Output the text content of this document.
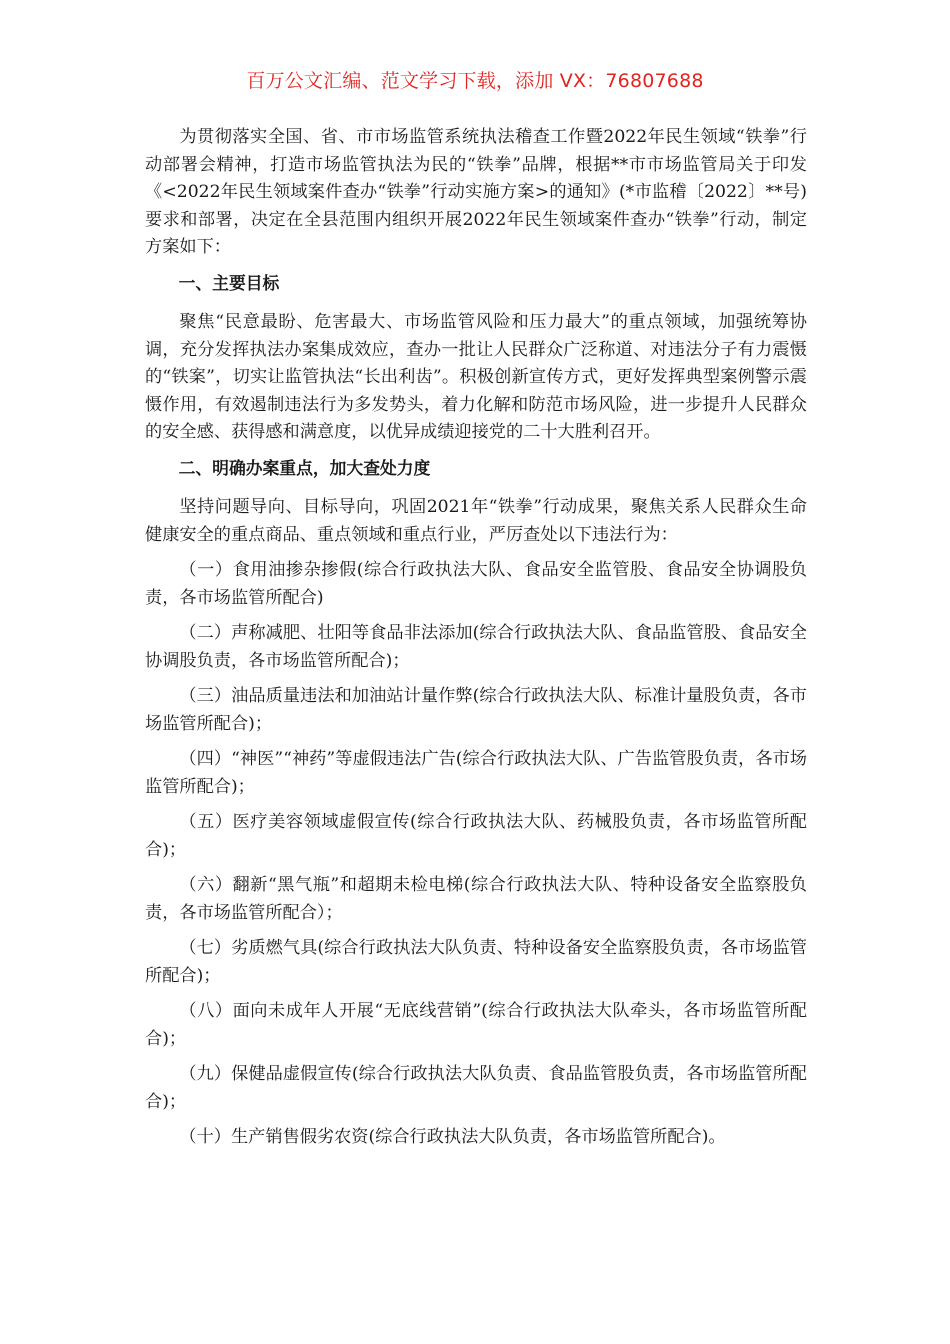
百万公文汇编、范文学习下载，添加 VX：76807688

为贯彻落实全国、省、市市场监管系统执法稽查工作暨2022年民生领域“铁拳”行动部署会精神，打造市场监管执法为民的“铁拳”品牌，根据**市市场监管局关于印发《<2022年民生领域案件查办“铁拳”行动实施方案>的通知》(*市监稽〔2022〕**号)要求和部署，决定在全县范围内组织开展2022年民生领域案件查办“铁拳”行动，制定方案如下：

一、主要目标

聚焦“民意最盼、危害最大、市场监管风险和压力最大”的重点领域，加强统筹协调，充分发挥执法办案集成效应，查办一批让人民群众广泛称道、对违法分子有力震慑的“铁案”，切实让监管执法“长出利齿”。积极创新宣传方式，更好发挥典型案例警示震慑作用，有效遏制违法行为多发势头，着力化解和防范市场风险，进一步提升人民群众的安全感、获得感和满意度，以优异成绩迎接党的二十大胜利召开。

二、明确办案重点，加大查处力度

坚持问题导向、目标导向，巩固2021年“铁拳”行动成果，聚焦关系人民群众生命健康安全的重点商品、重点领域和重点行业，严厉查处以下违法行为：

（一）食用油掺杂掺假(综合行政执法大队、食品安全监管股、食品安全协调股负责，各市场监管所配合)

（二）声称减肥、壮阳等食品非法添加(综合行政执法大队、食品监管股、食品安全协调股负责，各市场监管所配合)；

（三）油品质量违法和加油站计量作弊(综合行政执法大队、标准计量股负责，各市场监管所配合)；

（四）“神医”“神药”等虚假违法广告(综合行政执法大队、广告监管股负责，各市场监管所配合)；

（五）医疗美容领域虚假宣传(综合行政执法大队、药械股负责，各市场监管所配合)；

（六）翻新“黑气瓶”和超期未检电梯(综合行政执法大队、特种设备安全监察股负责，各市场监管所配合）；

（七）劣质燃气具(综合行政执法大队负责、特种设备安全监察股负责，各市场监管所配合)；

（八）面向未成年人开展“无底线营销”(综合行政执法大队牵头，各市场监管所配合)；

（九）保健品虚假宣传(综合行政执法大队负责、食品监管股负责，各市场监管所配合)；

（十）生产销售假劣农资(综合行政执法大队负责，各市场监管所配合)。
